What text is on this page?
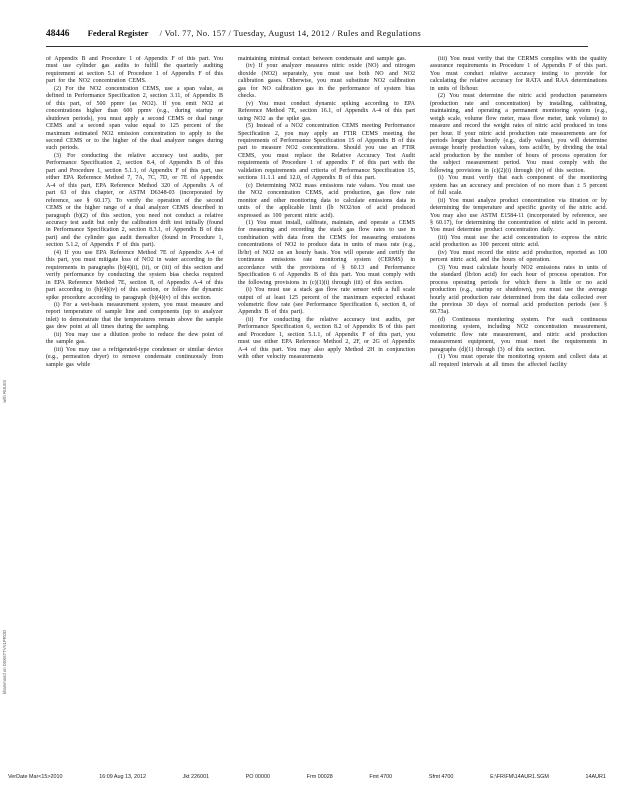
48446 Federal Register / Vol. 77, No. 157 / Tuesday, August 14, 2012 / Rules and Regulations

of Appendix B and Procedure 1 of Appendix F of this part. You must use cylinder gas audits to fulfill the quarterly auditing requirement at section 5.1 of Procedure 1 of Appendix F of this part for the NO2 concentration CEMS.

(2) For the NO2 concentration CEMS, use a span value, as defined in Performance Specification 2, section 3.11, of Appendix B of this part, of 500 ppmv (as NO2). If you emit NO2 at concentrations higher than 600 ppmv (e.g., during startup or shutdown periods), you must apply a second CEMS or dual range CEMS and a second span value equal to 125 percent of the maximum estimated NO2 emission concentration to apply to the second CEMS or to the higher of the dual analyzer ranges during such periods.

(3) For conducting the relative accuracy test audits, per Performance Specification 2, section 8.4, of Appendix B of this part and Procedure 1, section 5.1.1, of Appendix F of this part, use either EPA Reference Method 7, 7A, 7C, 7D, or 7E of Appendix A-4 of this part, EPA Reference Method 320 of Appendix A of part 63 of this chapter, or ASTM D6348-03 (incorporated by reference, see § 60.17). To verify the operation of the second CEMS or the higher range of a dual analyzer CEMS described in paragraph (b)(2) of this section, you need not conduct a relative accuracy test audit but only the calibration drift test initially (found in Performance Specification 2, section 8.3.1, of Appendix B of this part) and the cylinder gas audit thereafter (found in Procedure 1, section 5.1.2, of Appendix F of this part).

(4) If you use EPA Reference Method 7E of Appendix A-4 of this part, you must mitigate loss of NO2 in water according to the requirements in paragraphs (b)(4)(i), (ii), or (iii) of this section and verify performance by conducting the system bias checks required in EPA Reference Method 7E, section 8, of Appendix A-4 of this part according to (b)(4)(iv) of this section, or follow the dynamic spike procedure according to paragraph (b)(4)(v) of this section.

(i) For a wet-basis measurement system, you must measure and report temperature of sample line and components (up to analyzer inlet) to demonstrate that the temperatures remain above the sample gas dew point at all times during the sampling.

(ii) You may use a dilution probe to reduce the dew point of the sample gas.

(iii) You may use a refrigerated-type condenser or similar device (e.g., permeation dryer) to remove condensate continuously from sample gas while

maintaining minimal contact between condensate and sample gas.

(iv) If your analyzer measures nitric oxide (NO) and nitrogen dioxide (NO2) separately, you must use both NO and NO2 calibration gases. Otherwise, you must substitute NO2 calibration gas for NO calibration gas in the performance of system bias checks.

(v) You must conduct dynamic spiking according to EPA Reference Method 7E, section 16.1, of Appendix A-4 of this part using NO2 as the spike gas.

(5) Instead of a NO2 concentration CEMS meeting Performance Specification 2, you may apply an FTIR CEMS meeting the requirements of Performance Specification 15 of Appendix B of this part to measure NO2 concentrations. Should you use an FTIR CEMS, you must replace the Relative Accuracy Test Audit requirements of Procedure 1 of appendix F of this part with the validation requirements and criteria of Performance Specification 15, sections 11.1.1 and 12.0, of Appendix B of this part.

(c) Determining NO2 mass emissions rate values. You must use the NO2 concentration CEMS, acid production, gas flow rate monitor and other monitoring data to calculate emissions data in units of the applicable limit (lb NO2/ton of acid produced expressed as 100 percent nitric acid).

(1) You must install, calibrate, maintain, and operate a CEMS for measuring and recording the stack gas flow rates to use in combination with data from the CEMS for measuring emissions concentrations of NO2 to produce data in units of mass rate (e.g., lb/hr) of NO2 on an hourly basis. You will operate and certify the continuous emissions rate monitoring system (CERMS) in accordance with the provisions of § 60.13 and Performance Specification 6 of Appendix B of this part. You must comply with the following provisions in (c)(1)(i) through (iii) of this section.

(i) You must use a stack gas flow rate sensor with a full scale output of at least 125 percent of the maximum expected exhaust volumetric flow rate (see Performance Specification 6, section 8, of Appendix B of this part).

(ii) For conducting the relative accuracy test audits, per Performance Specification 6, section 8.2 of Appendix B of this part and Procedure 1, section 5.1.1, of Appendix F of this part, you must use either EPA Reference Method 2, 2F, or 2G of Appendix A-4 of this part. You may also apply Method 2H in conjunction with other velocity measurements

(iii) You must verify that the CERMS complies with the quality assurance requirements in Procedure 1 of Appendix F of this part. You must conduct relative accuracy testing to provide for calculating the relative accuracy for RATA and RAA determinations in units of lb/hour.

(2) You must determine the nitric acid production parameters (production rate and concentration) by installing, calibrating, maintaining, and operating a permanent monitoring system (e.g., weigh scale, volume flow meter, mass flow meter, tank volume) to measure and record the weight rates of nitric acid produced in tons per hour. If your nitric acid production rate measurements are for periods longer than hourly (e.g., daily values), you will determine average hourly production values, tons acid/hr, by dividing the total acid production by the number of hours of process operation for the subject measurement period. You must comply with the following provisions in (c)(2)(i) through (iv) of this section.

(i) You must verify that each component of the monitoring system has an accuracy and precision of no more than ± 5 percent of full scale.

(ii) You must analyze product concentration via titration or by determining the temperature and specific gravity of the nitric acid. You may also use ASTM E1584-11 (incorporated by reference, see § 60.17), for determining the concentration of nitric acid in percent. You must determine product concentration daily.

(iii) You must use the acid concentration to express the nitric acid production as 100 percent nitric acid.

(iv) You must record the nitric acid production, reported as 100 percent nitric acid, and the hours of operation.

(3) You must calculate hourly NO2 emissions rates in units of the standard (lb/ton acid) for each hour of process operation. For process operating periods for which there is little or no acid production (e.g., startup or shutdown), you must use the average hourly acid production rate determined from the data collected over the previous 30 days of normal acid production periods (see § 60.73a).

(d) Continuous monitoring system. For each continuous monitoring system, including NO2 concentration measurement, volumetric flow rate measurement, and nitric acid production measurement equipment, you must meet the requirements in paragraphs (d)(1) through (3) of this section.

(1) You must operate the monitoring system and collect data at all required intervals at all times the affected facility

with RULES
khammond on DSK6TTVN1PROD
VerDate Mar<15>2010	16:09 Aug 13, 2012	Jkt 226001	PO 00000	Frm 00028	Fmt 4700	Sfmt 4700	E:\FR\FM\14AUR1.SGM	14AUR1
